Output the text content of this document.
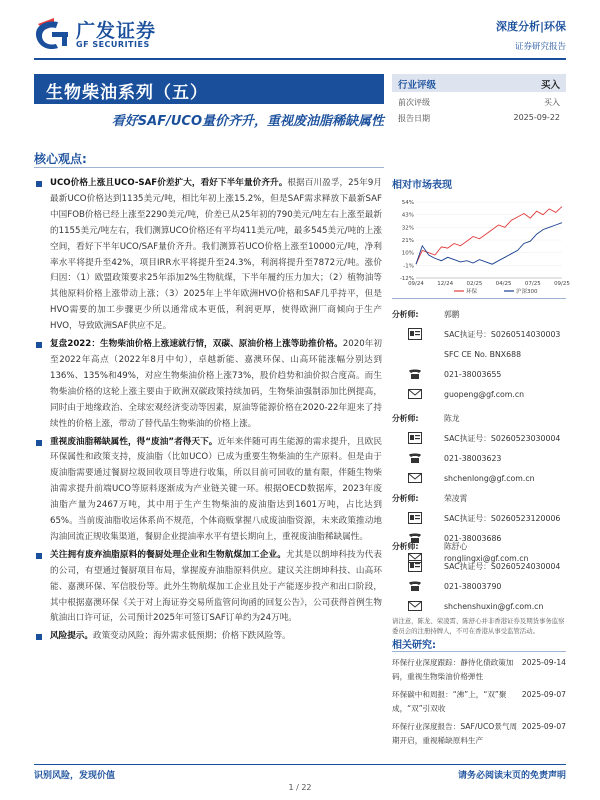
广发证券
GF SECURITIES
深度分析|环保
证券研究报告
生物柴油系列（五）
看好SAF/UCO量价齐升，重视废油脂稀缺属性
行业评级	买入
前次评级	买入
报告日期	2025-09-22
核心观点:
UCO价格上涨且UCO-SAF价差扩大，看好下半年量价齐升。根据百川盈孚，25年9月最新UCO价格达到1135美元/吨，相比年初上涨15.2%，但是SAF需求释放下最新SAF中国FOB价格已经上涨至2290美元/吨，价差已从25年初的790美元/吨左右上涨至最新的1155美元/吨左右，我们测算UCO价格还有平均411美元/吨，最多545美元/吨的上涨空间，看好下半年UCO/SAF量价齐升。我们测算若UCO价格上涨至10000元/吨，净利率水平将提升至42%，项目IRR水平将提升至24.3%，利润将提升至7872元/吨。涨价归因：（1）欧盟政策要求25年添加2%生物航煤，下半年履约压力加大；（2）植物油等其他原料价格上涨带动上涨；（3）2025年上半年欧洲HVO价格和SAF几乎持平，但是HVO需要的加工步骤更少所以通常成本更低，利润更厚，使得欧洲厂商倾向于生产HVO，导致欧洲SAF供应不足。
复盘2022：生物柴油价格上涨速就行情，双碳、原油价格上涨等助推价格。2020年初至2022年高点（2022年8月中旬），卓越新能、嘉澳环保、山高环能涨幅分别达到136%、135%和49%，对应生物柴油价格上涨73%，股价趋势和油价拟合度高。而生物柴油价格的这轮上涨主要由于欧洲双碳政策持续加码，生物柴油强制添加比例提高，同时由于地缘政治、全球宏观经济变动等因素，原油等能源价格在2020-22年迎来了持续性的价格上涨，带动了替代品生物柴油的价格上涨。
重视废油脂稀缺属性，得“废油”者得天下。近年来伴随可再生能源的需求提升，且欧民环保属性和政策支持，废油脂（比如UCO）已成为重要生物柴油的生产原料。但是由于废油脂需要通过餐厨垃圾回收项目等进行收集，所以目前可回收的量有限，伴随生物柴油需求提升前端UCO等原料逐渐成为产业链关键一环。根据OECD数据库，2023年废油脂产量为2467万吨，其中用于生产生物柴油的废油脂达到1601万吨，占比达到65%。当前废油脂收运体系尚不规范，个体商贩掌握八成废油脂资源，未来政策推动地沟油回流正规收集渠道，餐厨企业提油率水平有望长期向上，重视废油脂稀缺属性。
关注拥有废弃油脂原料的餐厨处理企业和生物航煤加工企业。尤其是以朗坤科技为代表的公司，有望通过餐厨项目布局，掌握废弃油脂原料供应。建议关注朗坤科技、山高环能、嘉澳环保、军信股份等。此外生物航煤加工企业且处于产能逐步投产和出口阶段，其中根据嘉澳环保《关于对上海证券交易所监管问询函的回复公告》，公司获得首例生物航油出口许可证，公司预计2025年可签订SAF订单约为24万吨。
风险提示。政策变动风险；海外需求低预期；价格下跌风险等。
相对市场表现
54%
43%
32%
21%
10%
-1%
-12%
09/24 12/24 02/25 04/25 07/25 09/25
环保	沪深300
分析师:	郭鹏
SAC执证号：S0260514030003
SFC CE No. BNX688
021-38003655
guopeng@gf.com.cn
分析师:	陈龙
SAC执证号：S0260523030004
021-38003623
shchenlong@gf.com.cn
分析师:	荣凌霄
SAC执证号：S0260523120006
021-38003686
ronglingxi@gf.com.cn
分析师:	陈舒心
SAC执证号：S0260524030004
021-38003790
shchenshuxin@gf.com.cn
请注意，陈龙、荣凌霄、陈舒心并非香港证券及期货事务监察委员会的注册持牌人，不可在香港从事受监管活动。
相关研究:
环保行业深度跟踪：静待化债政策加码，重视生物柴油价格弹性
2025-09-14
环保碳中和周报：“沸”上，“双”聚成，“双”引双收
2025-09-07
环保行业深度报告：SAF/UCO景气周期开启，重视稀缺原料生产
2025-09-07
识别风险，发现价值	请务必阅读末页的免责声明
1 / 22
